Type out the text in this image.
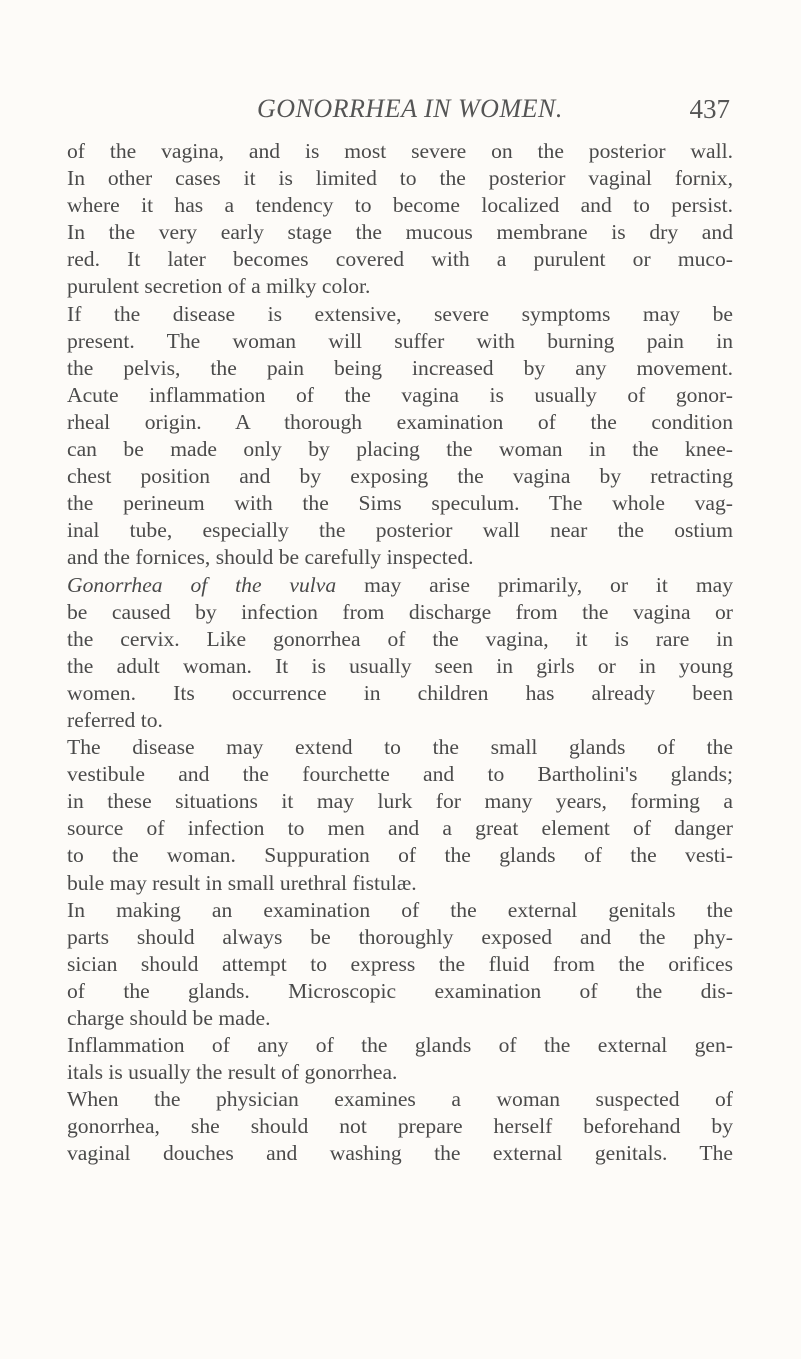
GONORRHEA IN WOMEN.	437
of the vagina, and is most severe on the posterior wall.
In other cases it is limited to the posterior vaginal fornix,
where it has a tendency to become localized and to persist.
In the very early stage the mucous membrane is dry and
red. It later becomes covered with a purulent or muco-
purulent secretion of a milky color.
If the disease is extensive, severe symptoms may be
present. The woman will suffer with burning pain in
the pelvis, the pain being increased by any movement.
Acute inflammation of the vagina is usually of gonor-
rheal origin. A thorough examination of the condition
can be made only by placing the woman in the knee-
chest position and by exposing the vagina by retracting
the perineum with the Sims speculum. The whole vag-
inal tube, especially the posterior wall near the ostium
and the fornices, should be carefully inspected.
Gonorrhea of the vulva may arise primarily, or it may
be caused by infection from discharge from the vagina or
the cervix. Like gonorrhea of the vagina, it is rare in
the adult woman. It is usually seen in girls or in young
women. Its occurrence in children has already been
referred to.
The disease may extend to the small glands of the
vestibule and the fourchette and to Bartholini's glands;
in these situations it may lurk for many years, forming a
source of infection to men and a great element of danger
to the woman. Suppuration of the glands of the vesti-
bule may result in small urethral fistulæ.
In making an examination of the external genitals the
parts should always be thoroughly exposed and the phy-
sician should attempt to express the fluid from the orifices
of the glands. Microscopic examination of the dis-
charge should be made.
Inflammation of any of the glands of the external gen-
itals is usually the result of gonorrhea.
When the physician examines a woman suspected of
gonorrhea, she should not prepare herself beforehand by
vaginal douches and washing the external genitals. The
